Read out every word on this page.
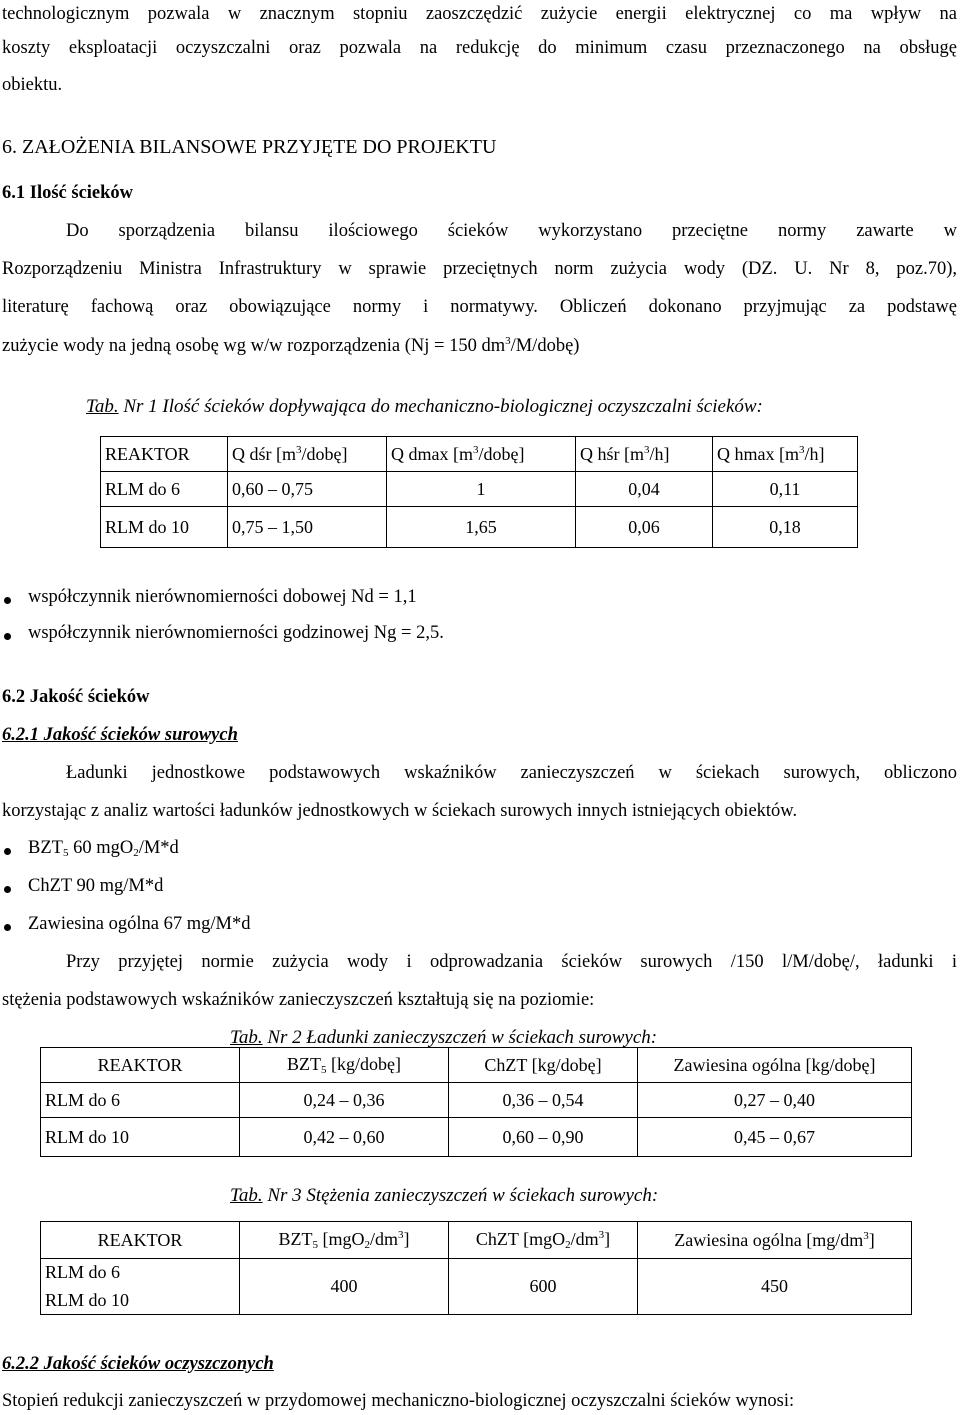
technologicznym pozwala w znacznym stopniu zaoszczędzić zużycie energii elektrycznej co ma wpływ na
koszty eksploatacji oczyszczalni oraz pozwala na redukcję do minimum czasu przeznaczonego na obsługę
obiektu.
6. ZAŁOŻENIA BILANSOWE PRZYJĘTE DO PROJEKTU
6.1 Ilość ścieków
Do sporządzenia bilansu ilościowego ścieków wykorzystano przeciętne normy zawarte w
Rozporządzeniu Ministra Infrastruktury w sprawie przeciętnych norm zużycia wody (DZ. U. Nr 8, poz.70),
literaturę fachową oraz obowiązujące normy i normatywy. Obliczeń dokonano przyjmując za podstawę
zużycie wody na jedną osobę wg w/w rozporządzenia (Nj = 150 $dm^3/M/dobę$)
Tab. Nr 1 Ilość ścieków dopływająca do mechaniczno-biologicznej oczyszczalni ścieków:
REAKTOR	Q dśr $[m^3/dobę]$	Q dmax $[m^3/dobę]$	Q hśr $[m^3/h]$	Q hmax $[m^3/h]$
RLM do 6	0,60 – 0,75	1	0,04	0,11
RLM do 10	0,75 – 1,50	1,65	0,06	0,18
współczynnik nierównomierności dobowej Nd = 1,1
współczynnik nierównomierności godzinowej Ng = 2,5.
6.2 Jakość ścieków
6.2.1 Jakość ścieków surowych
Ładunki jednostkowe podstawowych wskaźników zanieczyszczeń w ściekach surowych, obliczono
korzystając z analiz wartości ładunków jednostkowych w ściekach surowych innych istniejących obiektów.
$BZT_5$ 60 mgO$_2$/M*d
ChZT 90 mg/M*d
Zawiesina ogólna 67 mg/M*d
Przy przyjętej normie zużycia wody i odprowadzania ścieków surowych /150 l/M/dobę/, ładunki i
stężenia podstawowych wskaźników zanieczyszczeń kształtują się na poziomie:
Tab. Nr 2 Ładunki zanieczyszczeń w ściekach surowych:
REAKTOR	$BZT_5$ [kg/dobę]	ChZT [kg/dobę]	Zawiesina ogólna [kg/dobę]
RLM do 6	0,24 – 0,36	0,36 – 0,54	0,27 – 0,40
RLM do 10	0,42 – 0,60	0,60 – 0,90	0,45 – 0,67
Tab. Nr 3 Stężenia zanieczyszczeń w ściekach surowych:
REAKTOR	$BZT_5$ $[mgO_2/dm^3]$	ChZT $[mgO_2/dm^3]$	Zawiesina ogólna $[mg/dm^3]$
RLM do 6	400	600	450
RLM do 10			
6.2.2 Jakość ścieków oczyszczonych
Stopień redukcji zanieczyszczeń w przydomowej mechaniczno-biologicznej oczyszczalni ścieków wynosi:
